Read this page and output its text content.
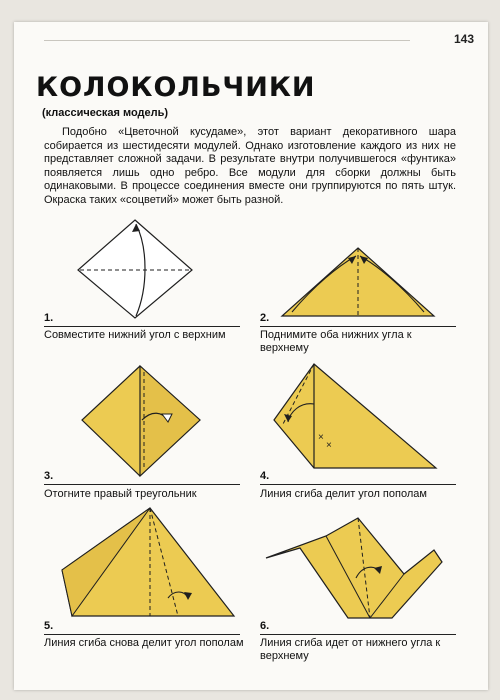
143
КОЛОКОЛЬЧИКИ
(классическая модель)

Подобно «Цветочной кусудаме», этот вариант декоративного шара собирается из шестидесяти модулей. Однако изготовление каждого из них не представляет сложной задачи. В результате внутри получившегося «фунтика» появляется лишь одно ребро. Все модули для сборки должны быть одинаковыми. В процессе соединения вместе они группируются по пять штук. Окраска таких «соцветий» может быть разной.

1.

Совместите нижний угол с верхним

2.

Поднимите оба нижних угла к верхнему

3.

Отогните правый треугольник

×
×
4.

Линия сгиба делит угол пополам

5.

Линия сгиба снова делит угол пополам

6.

Линия сгиба идет от нижнего угла к верхнему
